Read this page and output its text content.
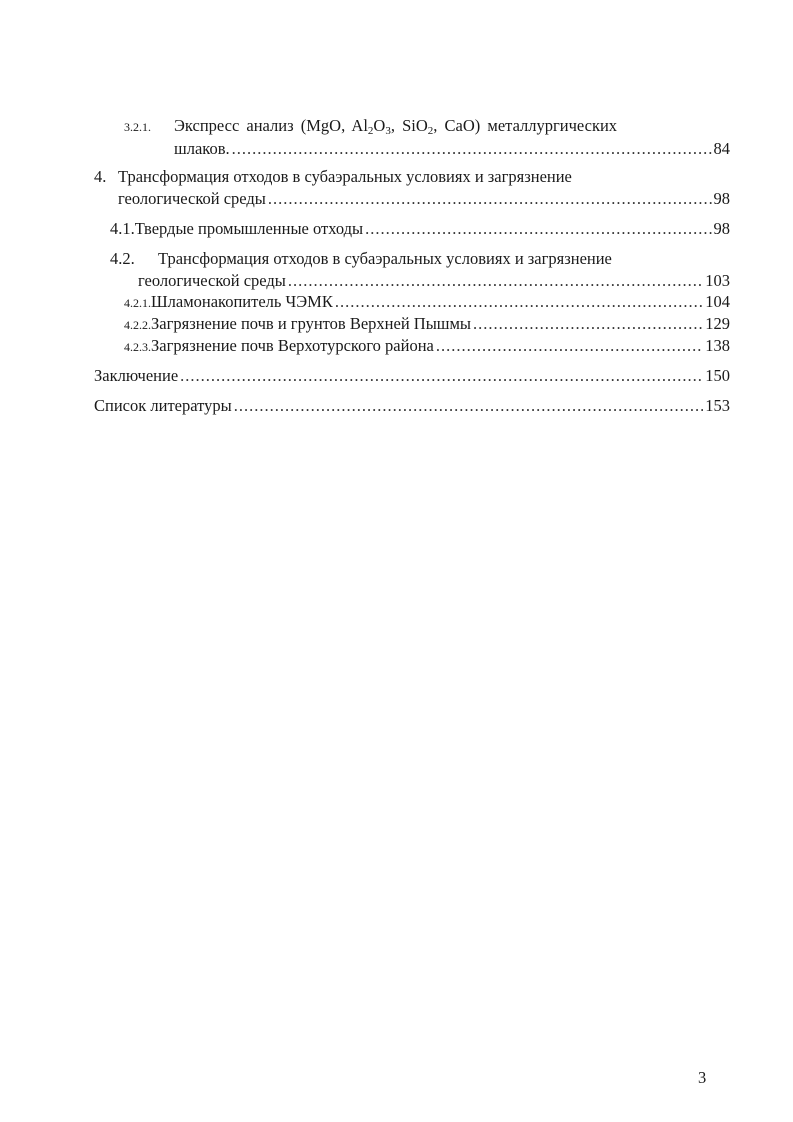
3.2.1.	Экспресс анализ (MgO, $Al_2O_3$, SiO$_2$, CaO) металлургических
шлаков. .....	84
4. Трансформация отходов в субаэральных условиях и загрязнение
геологической среды .....	98
4.1. Твердые промышленные отходы .....	98
4.2.	Трансформация отходов в субаэральных условиях и загрязнение
геологической среды .....	103
4.2.1. Шламонакопитель ЧЭМК .....	104
4.2.2. Загрязнение почв и грунтов Верхней Пышмы .....	129
4.2.3. Загрязнение почв Верхотурского района .....	138
Заключение .....	150
Список литературы .....	153
3
